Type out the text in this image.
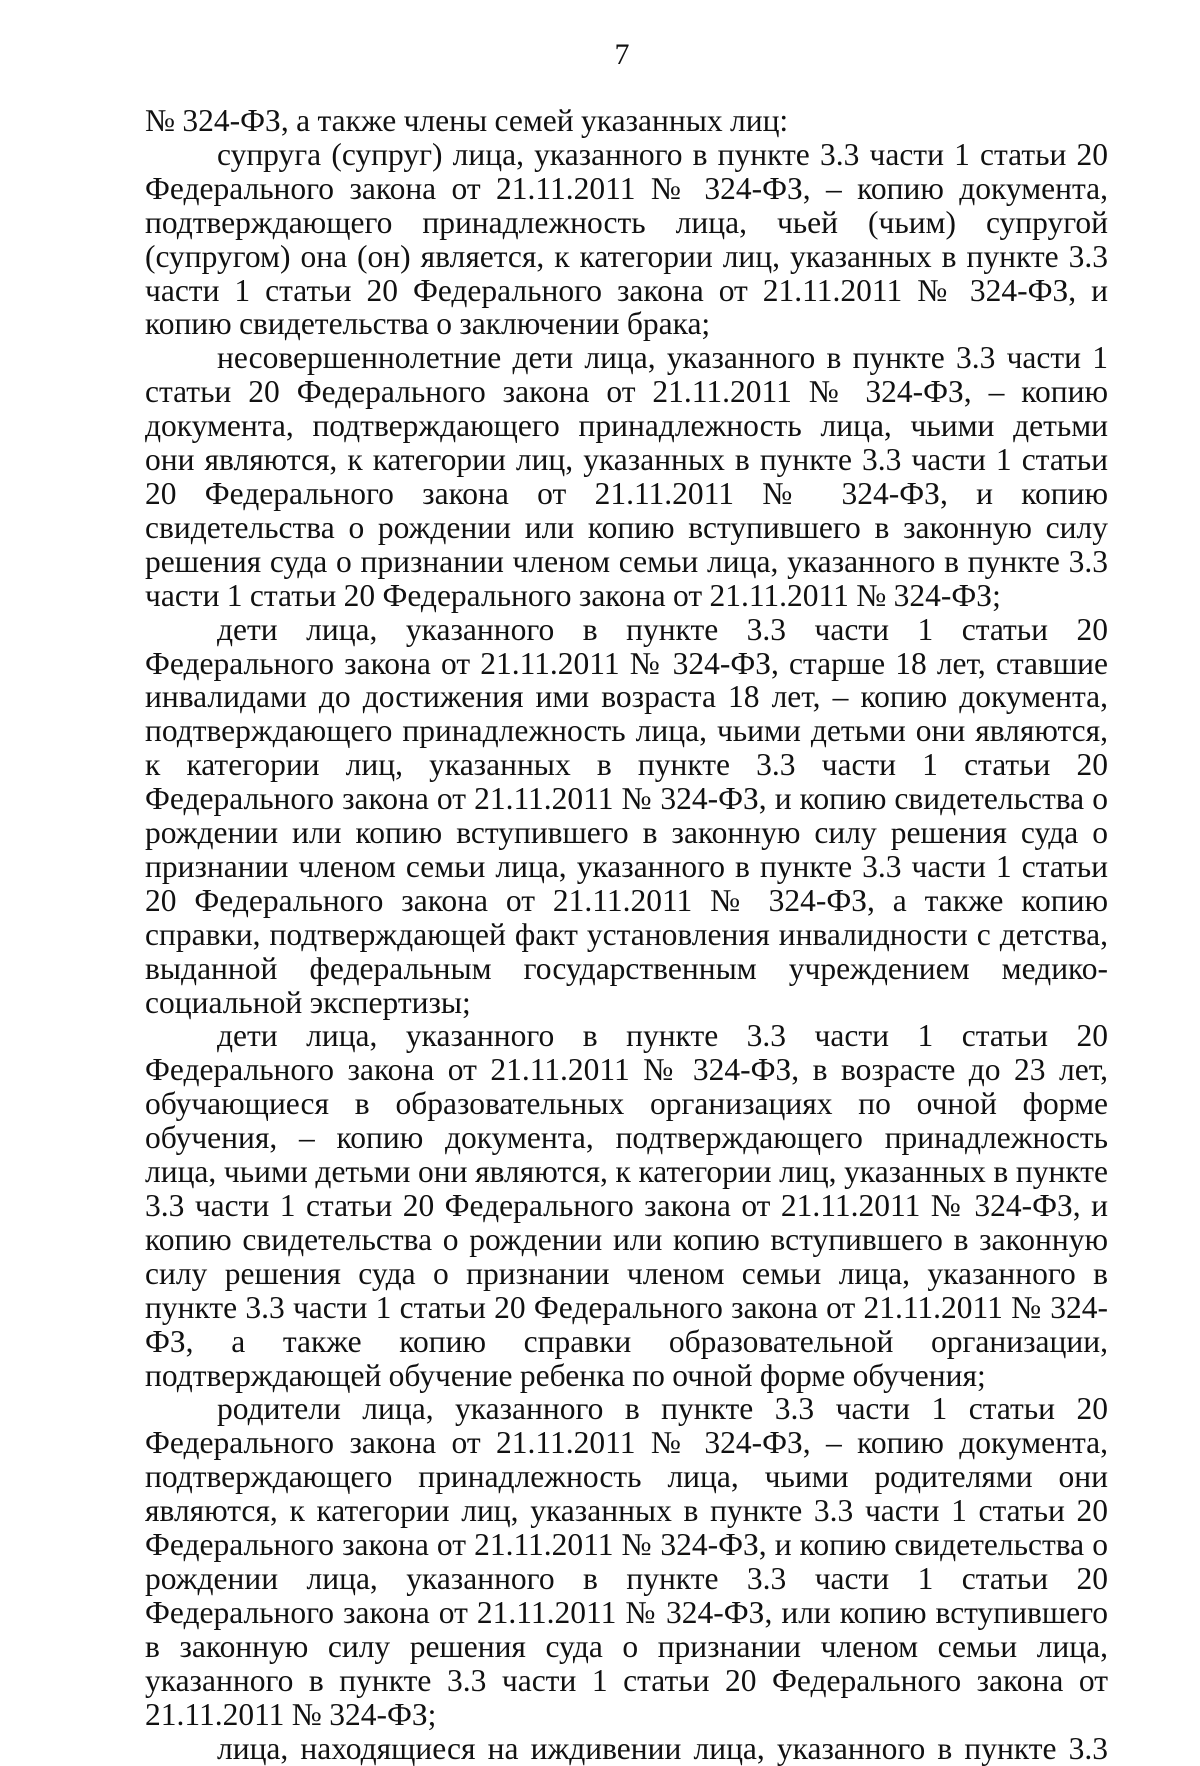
7

№ 324-ФЗ, а также члены семей указанных лиц:

супруга (супруг) лица, указанного в пункте 3.3 части 1 статьи 20 Федерального закона от 21.11.2011 № 324-ФЗ, – копию документа, подтверждающего принадлежность лица, чьей (чьим) супругой (супругом) она (он) является, к категории лиц, указанных в пункте 3.3 части 1 статьи 20 Федерального закона от 21.11.2011 № 324-ФЗ, и копию свидетельства о заключении брака;

несовершеннолетние дети лица, указанного в пункте 3.3 части 1 статьи 20 Федерального закона от 21.11.2011 № 324-ФЗ, – копию документа, подтверждающего принадлежность лица, чьими детьми они являются, к категории лиц, указанных в пункте 3.3 части 1 статьи 20 Федерального закона от 21.11.2011 № 324-ФЗ, и копию свидетельства о рождении или копию вступившего в законную силу решения суда о признании членом семьи лица, указанного в пункте 3.3 части 1 статьи 20 Федерального закона от 21.11.2011 № 324-ФЗ;

дети лица, указанного в пункте 3.3 части 1 статьи 20 Федерального закона от 21.11.2011 № 324-ФЗ, старше 18 лет, ставшие инвалидами до достижения ими возраста 18 лет, – копию документа, подтверждающего принадлежность лица, чьими детьми они являются, к категории лиц, указанных в пункте 3.3 части 1 статьи 20 Федерального закона от 21.11.2011 № 324-ФЗ, и копию свидетельства о рождении или копию вступившего в законную силу решения суда о признании членом семьи лица, указанного в пункте 3.3 части 1 статьи 20 Федерального закона от 21.11.2011 № 324-ФЗ, а также копию справки, подтверждающей факт установления инвалидности с детства, выданной федеральным государственным учреждением медико-социальной экспертизы;

дети лица, указанного в пункте 3.3 части 1 статьи 20 Федерального закона от 21.11.2011 № 324-ФЗ, в возрасте до 23 лет, обучающиеся в образовательных организациях по очной форме обучения, – копию документа, подтверждающего принадлежность лица, чьими детьми они являются, к категории лиц, указанных в пункте 3.3 части 1 статьи 20 Федерального закона от 21.11.2011 № 324-ФЗ, и копию свидетельства о рождении или копию вступившего в законную силу решения суда о признании членом семьи лица, указанного в пункте 3.3 части 1 статьи 20 Федерального закона от 21.11.2011 № 324-ФЗ, а также копию справки образовательной организации, подтверждающей обучение ребенка по очной форме обучения;

родители лица, указанного в пункте 3.3 части 1 статьи 20 Федерального закона от 21.11.2011 № 324-ФЗ, – копию документа, подтверждающего принадлежность лица, чьими родителями они являются, к категории лиц, указанных в пункте 3.3 части 1 статьи 20 Федерального закона от 21.11.2011 № 324-ФЗ, и копию свидетельства о рождении лица, указанного в пункте 3.3 части 1 статьи 20 Федерального закона от 21.11.2011 № 324-ФЗ, или копию вступившего в законную силу решения суда о признании членом семьи лица, указанного в пункте 3.3 части 1 статьи 20 Федерального закона от 21.11.2011 № 324-ФЗ;

лица, находящиеся на иждивении лица, указанного в пункте 3.3
